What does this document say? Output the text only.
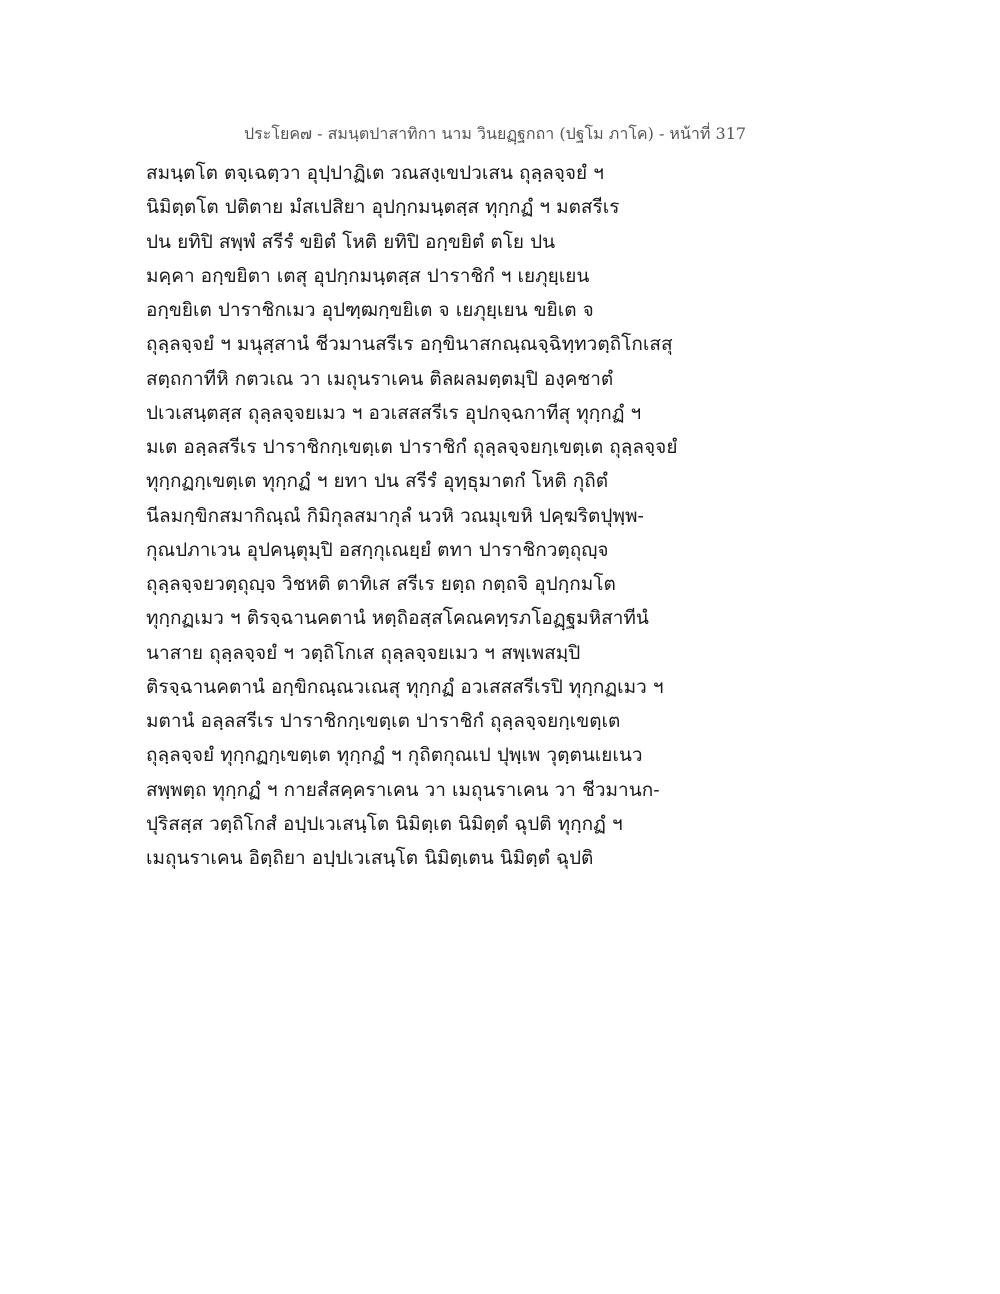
ประโยค๗ - สมนฺตปาสาทิกา นาม วินยฏฺฐกถา (ปฐโม ภาโค) - หน้าที่ 317
สมนฺตโต ตจฺเฉตฺวา อุปฺปาฏิเต วณสงฺเขปวเสน ถุลฺลจฺจยํ ฯ
นิมิตฺตโต ปติตาย มํสเปสิยา อุปกฺกมนฺตสฺส ทุกฺกฏํ ฯ มตสรีเร
ปน ยทิปิ สพฺพํ สรีรํ ขยิตํ โหติ ยทิปิ อกฺขยิตํ ตโย ปน
มคฺคา อกฺขยิตา เตสุ อุปกฺกมนฺตสฺส ปาราชิกํ ฯ เยภุยฺเยน
อกฺขยิเต ปาราชิกเมว อุปฑฺฒกฺขยิเต จ เยภุยฺเยน ขยิเต จ
ถุลฺลจฺจยํ ฯ มนุสฺสานํ ชีวมานสรีเร อกฺขินาสกณฺณจฺฉิทฺทวตฺถิโกเสสุ
สตฺถกาทีหิ กตวเณ วา เมถุนราเคน ติลผลมตฺตมฺปิ องฺคชาตํ
ปเวเสนฺตสฺส ถุลฺลจฺจยเมว ฯ อวเสสสรีเร อุปกจฺฉกาทีสุ ทุกฺกฏํ ฯ
มเต อลฺลสรีเร ปาราชิกกฺเขตฺเต ปาราชิกํ ถุลฺลจฺจยกฺเขตฺเต ถุลฺลจฺจยํ
ทุกฺกฏกฺเขตฺเต ทุกฺกฏํ ฯ ยทา ปน สรีรํ อุทฺธุมาตกํ โหติ กุถิตํ
นีลมกฺขิกสมากิณฺณํ กิมิกุลสมากุลํ นวหิ วณมุเขหิ ปคฺฆริตปุพฺพ-
กุณปภาเวน อุปคนฺตุมฺปิ อสกฺกุเณยฺยํ ตทา ปาราชิกวตฺถุญฺจ
ถุลฺลจฺจยวตฺถุญฺจ วิชหติ ตาทิเส สรีเร ยตฺถ กตฺถจิ อุปกฺกมโต
ทุกฺกฏเมว ฯ ติรจฺฉานคตานํ หตฺถิอสฺสโคณคทฺรภโอฏฺฐมหิสาทีนํ
นาสาย ถุลฺลจฺจยํ ฯ วตฺถิโกเส ถุลฺลจฺจยเมว ฯ สพฺเพสมฺปิ
ติรจฺฉานคตานํ อกฺขิกณฺณวเณสุ ทุกฺกฏํ อวเสสสรีเรปิ ทุกฺกฏเมว ฯ
มตานํ อลฺลสรีเร ปาราชิกกฺเขตฺเต ปาราชิกํ ถุลฺลจฺจยกฺเขตฺเต
ถุลฺลจฺจยํ ทุกฺกฏกฺเขตฺเต ทุกฺกฏํ ฯ กุถิตกุณเป ปุพฺเพ วุตฺตนเยเนว
สพฺพตฺถ ทุกฺกฏํ ฯ กายสํสคฺคราเคน วา เมถุนราเคน วา ชีวมานก-
ปุริสสฺส วตฺถิโกสํ อปฺปเวเสนฺโต นิมิตฺเต นิมิตฺตํ ฉุปติ ทุกฺกฏํ ฯ
เมถุนราเคน อิตฺถิยา อปฺปเวเสนฺโต นิมิตฺเตน นิมิตฺตํ ฉุปติ
